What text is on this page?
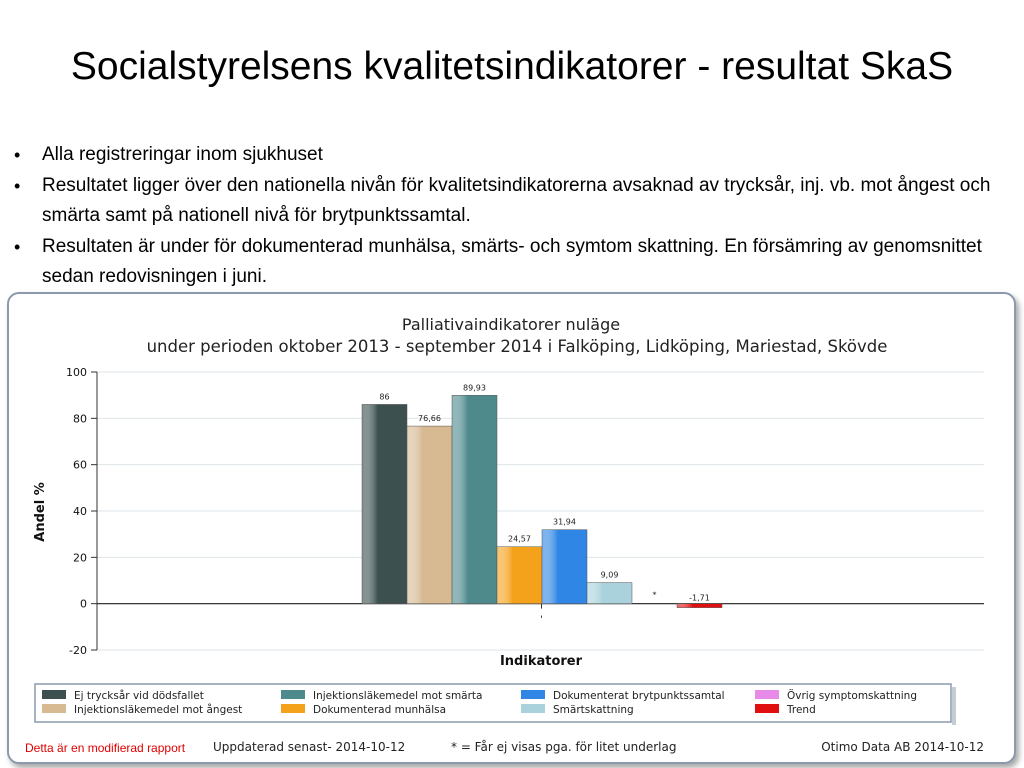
Socialstyrelsens kvalitetsindikatorer - resultat SkaS
• Alla registreringar inom sjukhuset
• Resultatet ligger över den nationella nivån för kvalitetsindikatorerna avsaknad av trycksår, inj. vb. mot ångest och smärta samt på nationell nivå för brytpunktssamtal.
• Resultaten är under för dokumenterad munhälsa, smärts- och symtom skattning. En försämring av genomsnittet sedan redovisningen i juni.
Palliativaindikatorer nuläge
under perioden oktober 2013 - september 2014 i Falköping, Lidköping, Mariestad, Skövde
100
80
60
40
20
0
-20
'
86
76,66
89,93
24,57
31,94
9,09
*	-1,71
Andel %
Indikatorer
Ej trycksår vid dödsfallet	Injektionsläkemedel mot smärta	Dokumenterat brytpunktssamtal	Övrig symptomskattning
Injektionsläkemedel mot ångest	Dokumenterad munhälsa	Smärtskattning	Trend
Detta är en modifierad rapport Uppdaterad senast- 2014-10-12	* = Får ej visas pga. för litet underlag	Otimo Data AB 2014-10-12
